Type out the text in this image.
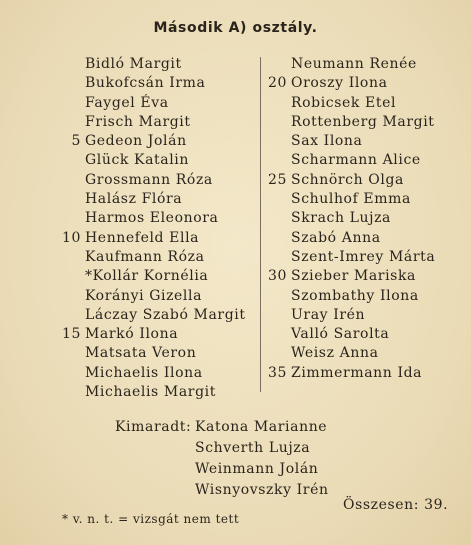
Második A) osztály.
Bidló Margit
Bukofcsán Irma
Faygel Éva
Frisch Margit
5 Gedeon Jolán
Glück Katalin
Grossmann Róza
Halász Flóra
Harmos Eleonora
10 Hennefeld Ella
Kaufmann Róza
*Kollár Kornélia
Korányi Gizella
Láczay Szabó Margit
15 Markó Ilona
Matsata Veron
Michaelis Ilona
Michaelis Margit
Neumann Renée
20 Oroszy Ilona
Robicsek Etel
Rottenberg Margit
Sax Ilona
Scharmann Alice
25 Schnörch Olga
Schulhof Emma
Skrach Lujza
Szabó Anna
Szent-Imrey Márta
30 Szieber Mariska
Szombathy Ilona
Uray Irén
Valló Sarolta
Weisz Anna
35 Zimmermann Ida
Kimaradt: Katona Marianne
Schverth Lujza
Weinmann Jolán
Wisnyovszky Irén
Összesen: 39.
* v. n. t. = vizsgát nem tett
